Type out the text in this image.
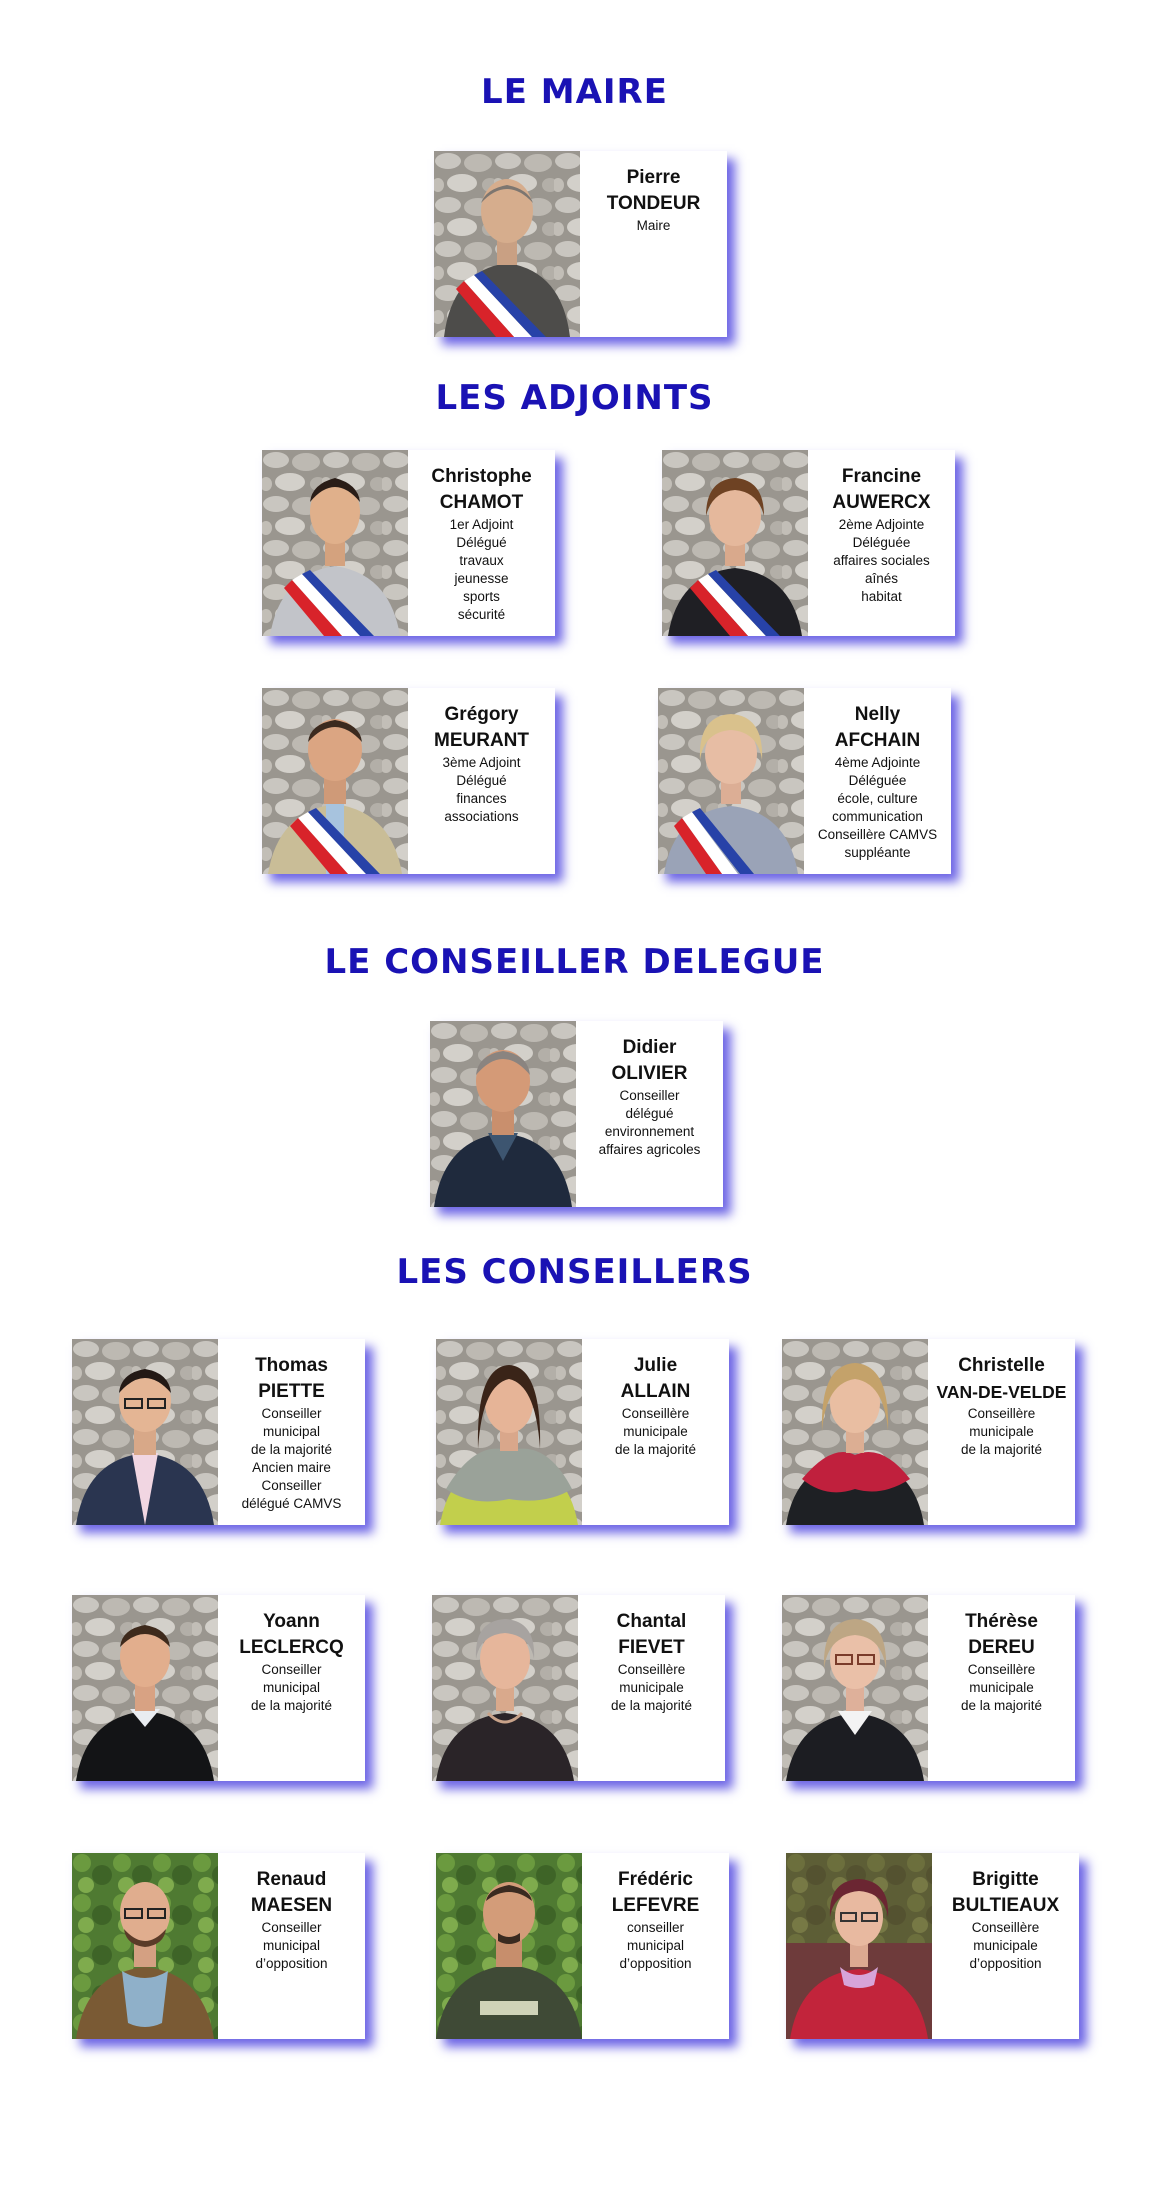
LE MAIRE
Pierre
TONDEUR
Maire
LES ADJOINTS
Christophe
CHAMOT
1er Adjoint
Délégué
travaux
jeunesse
sports
sécurité
Francine
AUWERCX
2ème Adjointe
Déléguée
affaires sociales
aînés
habitat
Grégory
MEURANT
3ème Adjoint
Délégué
finances
associations
Nelly
AFCHAIN
4ème Adjointe
Déléguée
école, culture
communication
Conseillère CAMVS
suppléante
LE CONSEILLER DELEGUE
Didier
OLIVIER
Conseiller
délégué
environnement
affaires agricoles
LES CONSEILLERS
Thomas
PIETTE
Conseiller
municipal
de la majorité
Ancien maire
Conseiller
délégué CAMVS
Julie
ALLAIN
Conseillère
municipale
de la majorité
Christelle
VAN-DE-VELDE
Conseillère
municipale
de la majorité
Yoann
LECLERCQ
Conseiller
municipal
de la majorité
Chantal
FIEVET
Conseillère
municipale
de la majorité
Thérèse
DEREU
Conseillère
municipale
de la majorité
Renaud
MAESEN
Conseiller
municipal
d’opposition
Frédéric
LEFEVRE
conseiller
municipal
d’opposition
Brigitte
BULTIEAUX
Conseillère
municipale
d’opposition
